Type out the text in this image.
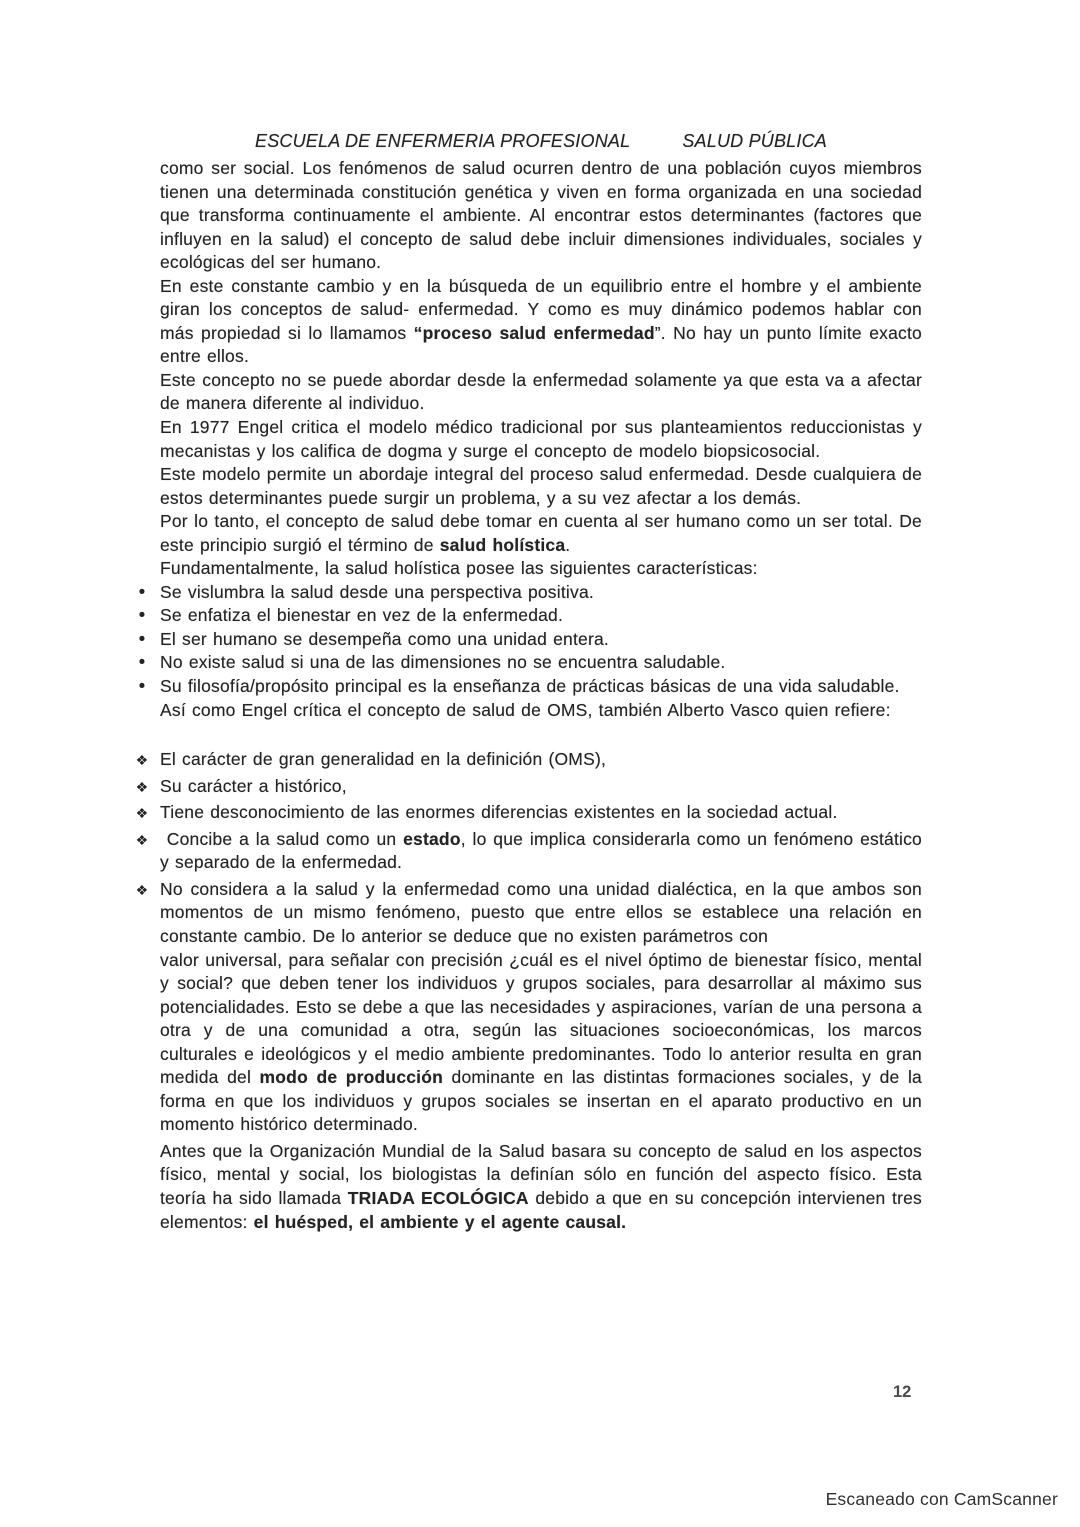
ESCUELA DE ENFERMERIA PROFESIONAL	SALUD PÚBLICA

como ser social. Los fenómenos de salud ocurren dentro de una población cuyos miembros tienen una determinada constitución genética y viven en forma organizada en una sociedad que transforma continuamente el ambiente. Al encontrar estos determinantes (factores que influyen en la salud) el concepto de salud debe incluir dimensiones individuales, sociales y ecológicas del ser humano.

En este constante cambio y en la búsqueda de un equilibrio entre el hombre y el ambiente giran los conceptos de salud- enfermedad. Y como es muy dinámico podemos hablar con más propiedad si lo llamamos “proceso salud enfermedad”. No hay un punto límite exacto entre ellos.

Este concepto no se puede abordar desde la enfermedad solamente ya que esta va a afectar de manera diferente al individuo.

En 1977 Engel critica el modelo médico tradicional por sus planteamientos reduccionistas y mecanistas y los califica de dogma y surge el concepto de modelo biopsicosocial.

Este modelo permite un abordaje integral del proceso salud enfermedad. Desde cualquiera de estos determinantes puede surgir un problema, y a su vez afectar a los demás.

Por lo tanto, el concepto de salud debe tomar en cuenta al ser humano como un ser total. De este principio surgió el término de salud holística.

Fundamentalmente, la salud holística posee las siguientes características:

• Se vislumbra la salud desde una perspectiva positiva.
• Se enfatiza el bienestar en vez de la enfermedad.
• El ser humano se desempeña como una unidad entera.
• No existe salud si una de las dimensiones no se encuentra saludable.
• Su filosofía/propósito principal es la enseñanza de prácticas básicas de una vida saludable.

Así como Engel crítica el concepto de salud de OMS, también Alberto Vasco quien refiere:

❖ El carácter de gran generalidad en la definición (OMS),
❖ Su carácter a histórico,
❖ Tiene desconocimiento de las enormes diferencias existentes en la sociedad actual.
❖ Concibe a la salud como un estado, lo que implica considerarla como un fenómeno estático y separado de la enfermedad.
❖ No considera a la salud y la enfermedad como una unidad dialéctica, en la que ambos son momentos de un mismo fenómeno, puesto que entre ellos se establece una relación en constante cambio. De lo anterior se deduce que no existen parámetros con
valor universal, para señalar con precisión ¿cuál es el nivel óptimo de bienestar físico, mental y social? que deben tener los individuos y grupos sociales, para desarrollar al máximo sus potencialidades. Esto se debe a que las necesidades y aspiraciones, varían de una persona a otra y de una comunidad a otra, según las situaciones socioeconómicas, los marcos culturales e ideológicos y el medio ambiente predominantes. Todo lo anterior resulta en gran medida del modo de producción dominante en las distintas formaciones sociales, y de la forma en que los individuos y grupos sociales se insertan en el aparato productivo en un momento histórico determinado.

Antes que la Organización Mundial de la Salud basara su concepto de salud en los aspectos físico, mental y social, los biologistas la definían sólo en función del aspecto físico. Esta teoría ha sido llamada TRIADA ECOLÓGICA debido a que en su concepción intervienen tres elementos: el huésped, el ambiente y el agente causal.

12
Escaneado con CamScanner
